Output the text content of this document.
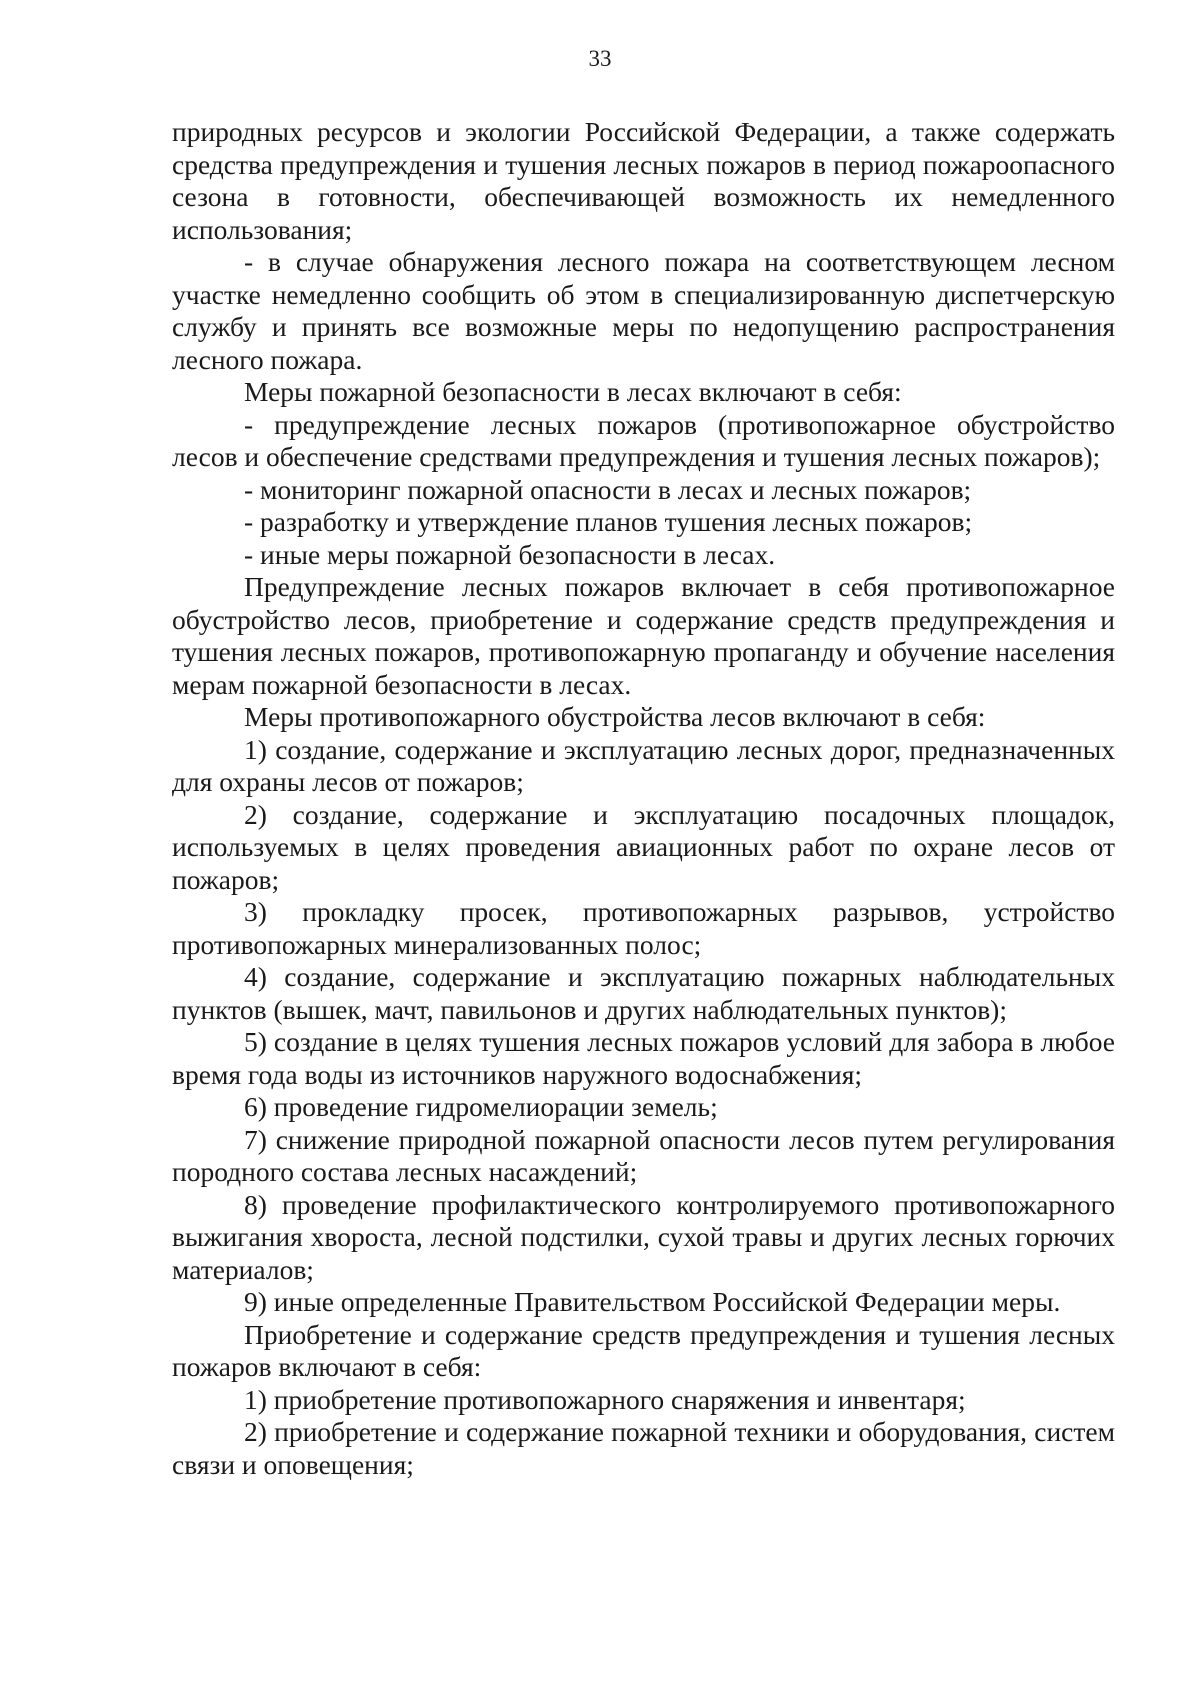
33

природных ресурсов и экологии Российской Федерации, а также содержать средства предупреждения и тушения лесных пожаров в период пожароопасного сезона в готовности, обеспечивающей возможность их немедленного использования;

- в случае обнаружения лесного пожара на соответствующем лесном участке немедленно сообщить об этом в специализированную диспетчерскую службу и принять все возможные меры по недопущению распространения лесного пожара.

Меры пожарной безопасности в лесах включают в себя:

- предупреждение лесных пожаров (противопожарное обустройство лесов и обеспечение средствами предупреждения и тушения лесных пожаров);

- мониторинг пожарной опасности в лесах и лесных пожаров;

- разработку и утверждение планов тушения лесных пожаров;

- иные меры пожарной безопасности в лесах.

Предупреждение лесных пожаров включает в себя противопожарное обустройство лесов, приобретение и содержание средств предупреждения и тушения лесных пожаров, противопожарную пропаганду и обучение населения мерам пожарной безопасности в лесах.

Меры противопожарного обустройства лесов включают в себя:

1) создание, содержание и эксплуатацию лесных дорог, предназначенных для охраны лесов от пожаров;

2) создание, содержание и эксплуатацию посадочных площадок, используемых в целях проведения авиационных работ по охране лесов от пожаров;

3) прокладку просек, противопожарных разрывов, устройство противопожарных минерализованных полос;

4) создание, содержание и эксплуатацию пожарных наблюдательных пунктов (вышек, мачт, павильонов и других наблюдательных пунктов);

5) создание в целях тушения лесных пожаров условий для забора в любое время года воды из источников наружного водоснабжения;

6) проведение гидромелиорации земель;

7) снижение природной пожарной опасности лесов путем регулирования породного состава лесных насаждений;

8) проведение профилактического контролируемого противопожарного выжигания хвороста, лесной подстилки, сухой травы и других лесных горючих материалов;

9) иные определенные Правительством Российской Федерации меры.

Приобретение и содержание средств предупреждения и тушения лесных пожаров включают в себя:

1) приобретение противопожарного снаряжения и инвентаря;

2) приобретение и содержание пожарной техники и оборудования, систем связи и оповещения;
